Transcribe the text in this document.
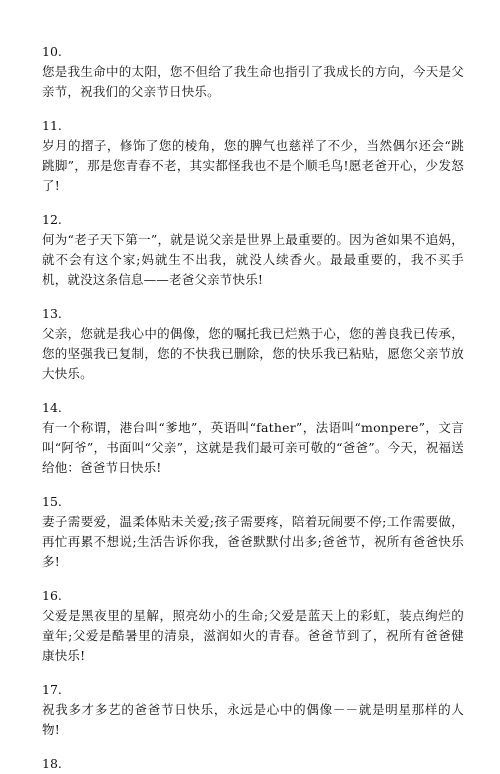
10.

您是我生命中的太阳，您不但给了我生命也指引了我成长的方向，今天是父亲节，祝我们的父亲节日快乐。

11.

岁月的摺子，修饰了您的棱角，您的脾气也慈祥了不少，当然偶尔还会“跳跳脚”，那是您青春不老，其实都怪我也不是个顺毛鸟!愿老爸开心，少发怒了!

12.

何为“老子天下第一”，就是说父亲是世界上最重要的。因为爸如果不追妈，就不会有这个家;妈就生不出我，就没人续香火。最最重要的，我不买手机，就没这条信息——老爸父亲节快乐!

13.

父亲，您就是我心中的偶像，您的嘱托我已烂熟于心，您的善良我已传承，您的坚强我已复制，您的不快我已删除，您的快乐我已粘贴，愿您父亲节放大快乐。

14.

有一个称谓，港台叫“爹地”，英语叫“father”，法语叫“monpere”，文言叫“阿爷”，书面叫“父亲”，这就是我们最可亲可敬的“爸爸”。今天，祝福送给他：爸爸节日快乐!

15.

妻子需要爱，温柔体贴未关爱;孩子需要疼，陪着玩闹要不停;工作需要做，再忙再累不想说;生活告诉你我，爸爸默默付出多;爸爸节，祝所有爸爸快乐多!

16.

父爱是黑夜里的星解，照亮幼小的生命;父爱是蓝天上的彩虹，装点绚烂的童年;父爱是酷暑里的清泉，滋润如火的青春。爸爸节到了，祝所有爸爸健康快乐!

17.

祝我多才多艺的爸爸节日快乐，永远是心中的偶像－－就是明星那样的人物!

18.
